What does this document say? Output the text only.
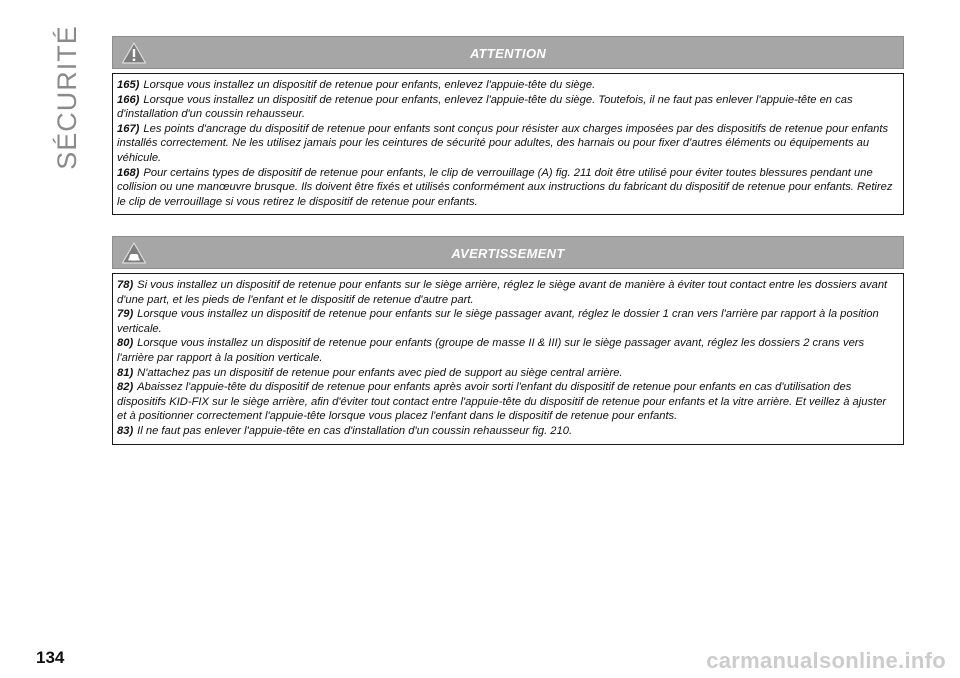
SÉCURITÉ	ATTENTION

165) Lorsque vous installez un dispositif de retenue pour enfants, enlevez l'appuie-tête du siège.

166) Lorsque vous installez un dispositif de retenue pour enfants, enlevez l'appuie-tête du siège. Toutefois, il ne faut pas enlever l'appuie-tête en cas d'installation d'un coussin rehausseur.

167) Les points d'ancrage du dispositif de retenue pour enfants sont conçus pour résister aux charges imposées par des dispositifs de retenue pour enfants installés correctement. Ne les utilisez jamais pour les ceintures de sécurité pour adultes, des harnais ou pour fixer d'autres éléments ou équipements au véhicule.

168) Pour certains types de dispositif de retenue pour enfants, le clip de verrouillage (A) fig. 211 doit être utilisé pour éviter toutes blessures pendant une collision ou une manœuvre brusque. Ils doivent être fixés et utilisés conformément aux instructions du fabricant du dispositif de retenue pour enfants. Retirez le clip de verrouillage si vous retirez le dispositif de retenue pour enfants.

AVERTISSEMENT

78) Si vous installez un dispositif de retenue pour enfants sur le siège arrière, réglez le siège avant de manière à éviter tout contact entre les dossiers avant d'une part, et les pieds de l'enfant et le dispositif de retenue d'autre part.

79) Lorsque vous installez un dispositif de retenue pour enfants sur le siège passager avant, réglez le dossier 1 cran vers l'arrière par rapport à la position verticale.

80) Lorsque vous installez un dispositif de retenue pour enfants (groupe de masse II & III) sur le siège passager avant, réglez les dossiers 2 crans vers l'arrière par rapport à la position verticale.

81) N'attachez pas un dispositif de retenue pour enfants avec pied de support au siège central arrière.

82) Abaissez l'appuie-tête du dispositif de retenue pour enfants après avoir sorti l'enfant du dispositif de retenue pour enfants en cas d'utilisation des dispositifs KID-FIX sur le siège arrière, afin d'éviter tout contact entre l'appuie-tête du dispositif de retenue pour enfants et la vitre arrière. Et veillez à ajuster et à positionner correctement l'appuie-tête lorsque vous placez l'enfant dans le dispositif de retenue pour enfants.

83) Il ne faut pas enlever l'appuie-tête en cas d'installation d'un coussin rehausseur fig. 210.

134	carmanualsonline.info
